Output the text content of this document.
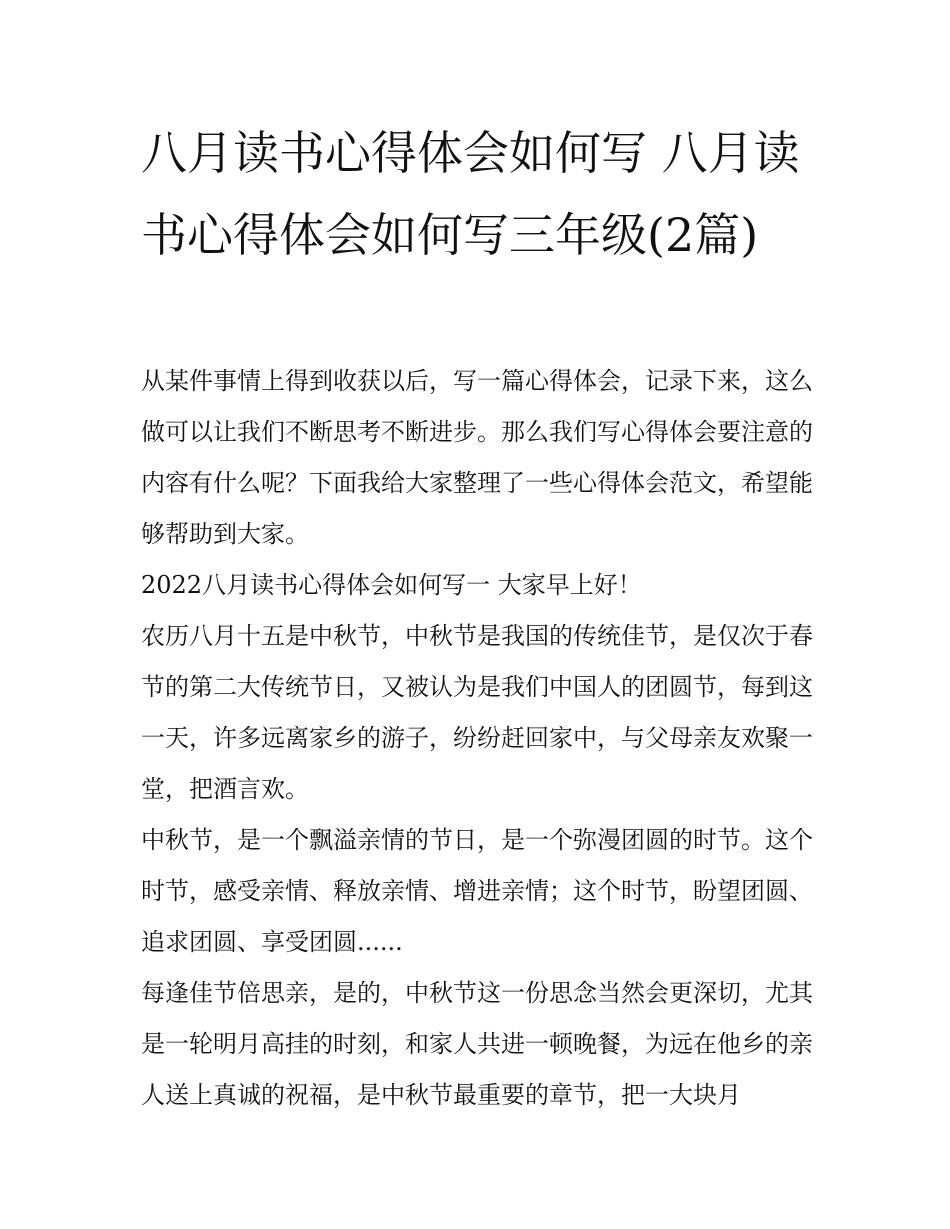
八月读书心得体会如何写 八月读书心得体会如何写三年级(2篇)

从某件事情上得到收获以后，写一篇心得体会，记录下来，这么做可以让我们不断思考不断进步。那么我们写心得体会要注意的内容有什么呢？下面我给大家整理了一些心得体会范文，希望能够帮助到大家。

2022八月读书心得体会如何写一 大家早上好！

农历八月十五是中秋节，中秋节是我国的传统佳节，是仅次于春节的第二大传统节日，又被认为是我们中国人的团圆节，每到这一天，许多远离家乡的游子，纷纷赶回家中，与父母亲友欢聚一堂，把酒言欢。

中秋节，是一个飘溢亲情的节日，是一个弥漫团圆的时节。这个时节，感受亲情、释放亲情、增进亲情；这个时节，盼望团圆、追求团圆、享受团圆......

每逢佳节倍思亲，是的，中秋节这一份思念当然会更深切，尤其是一轮明月高挂的时刻，和家人共进一顿晚餐，为远在他乡的亲人送上真诚的祝福，是中秋节最重要的章节，把一大块月
